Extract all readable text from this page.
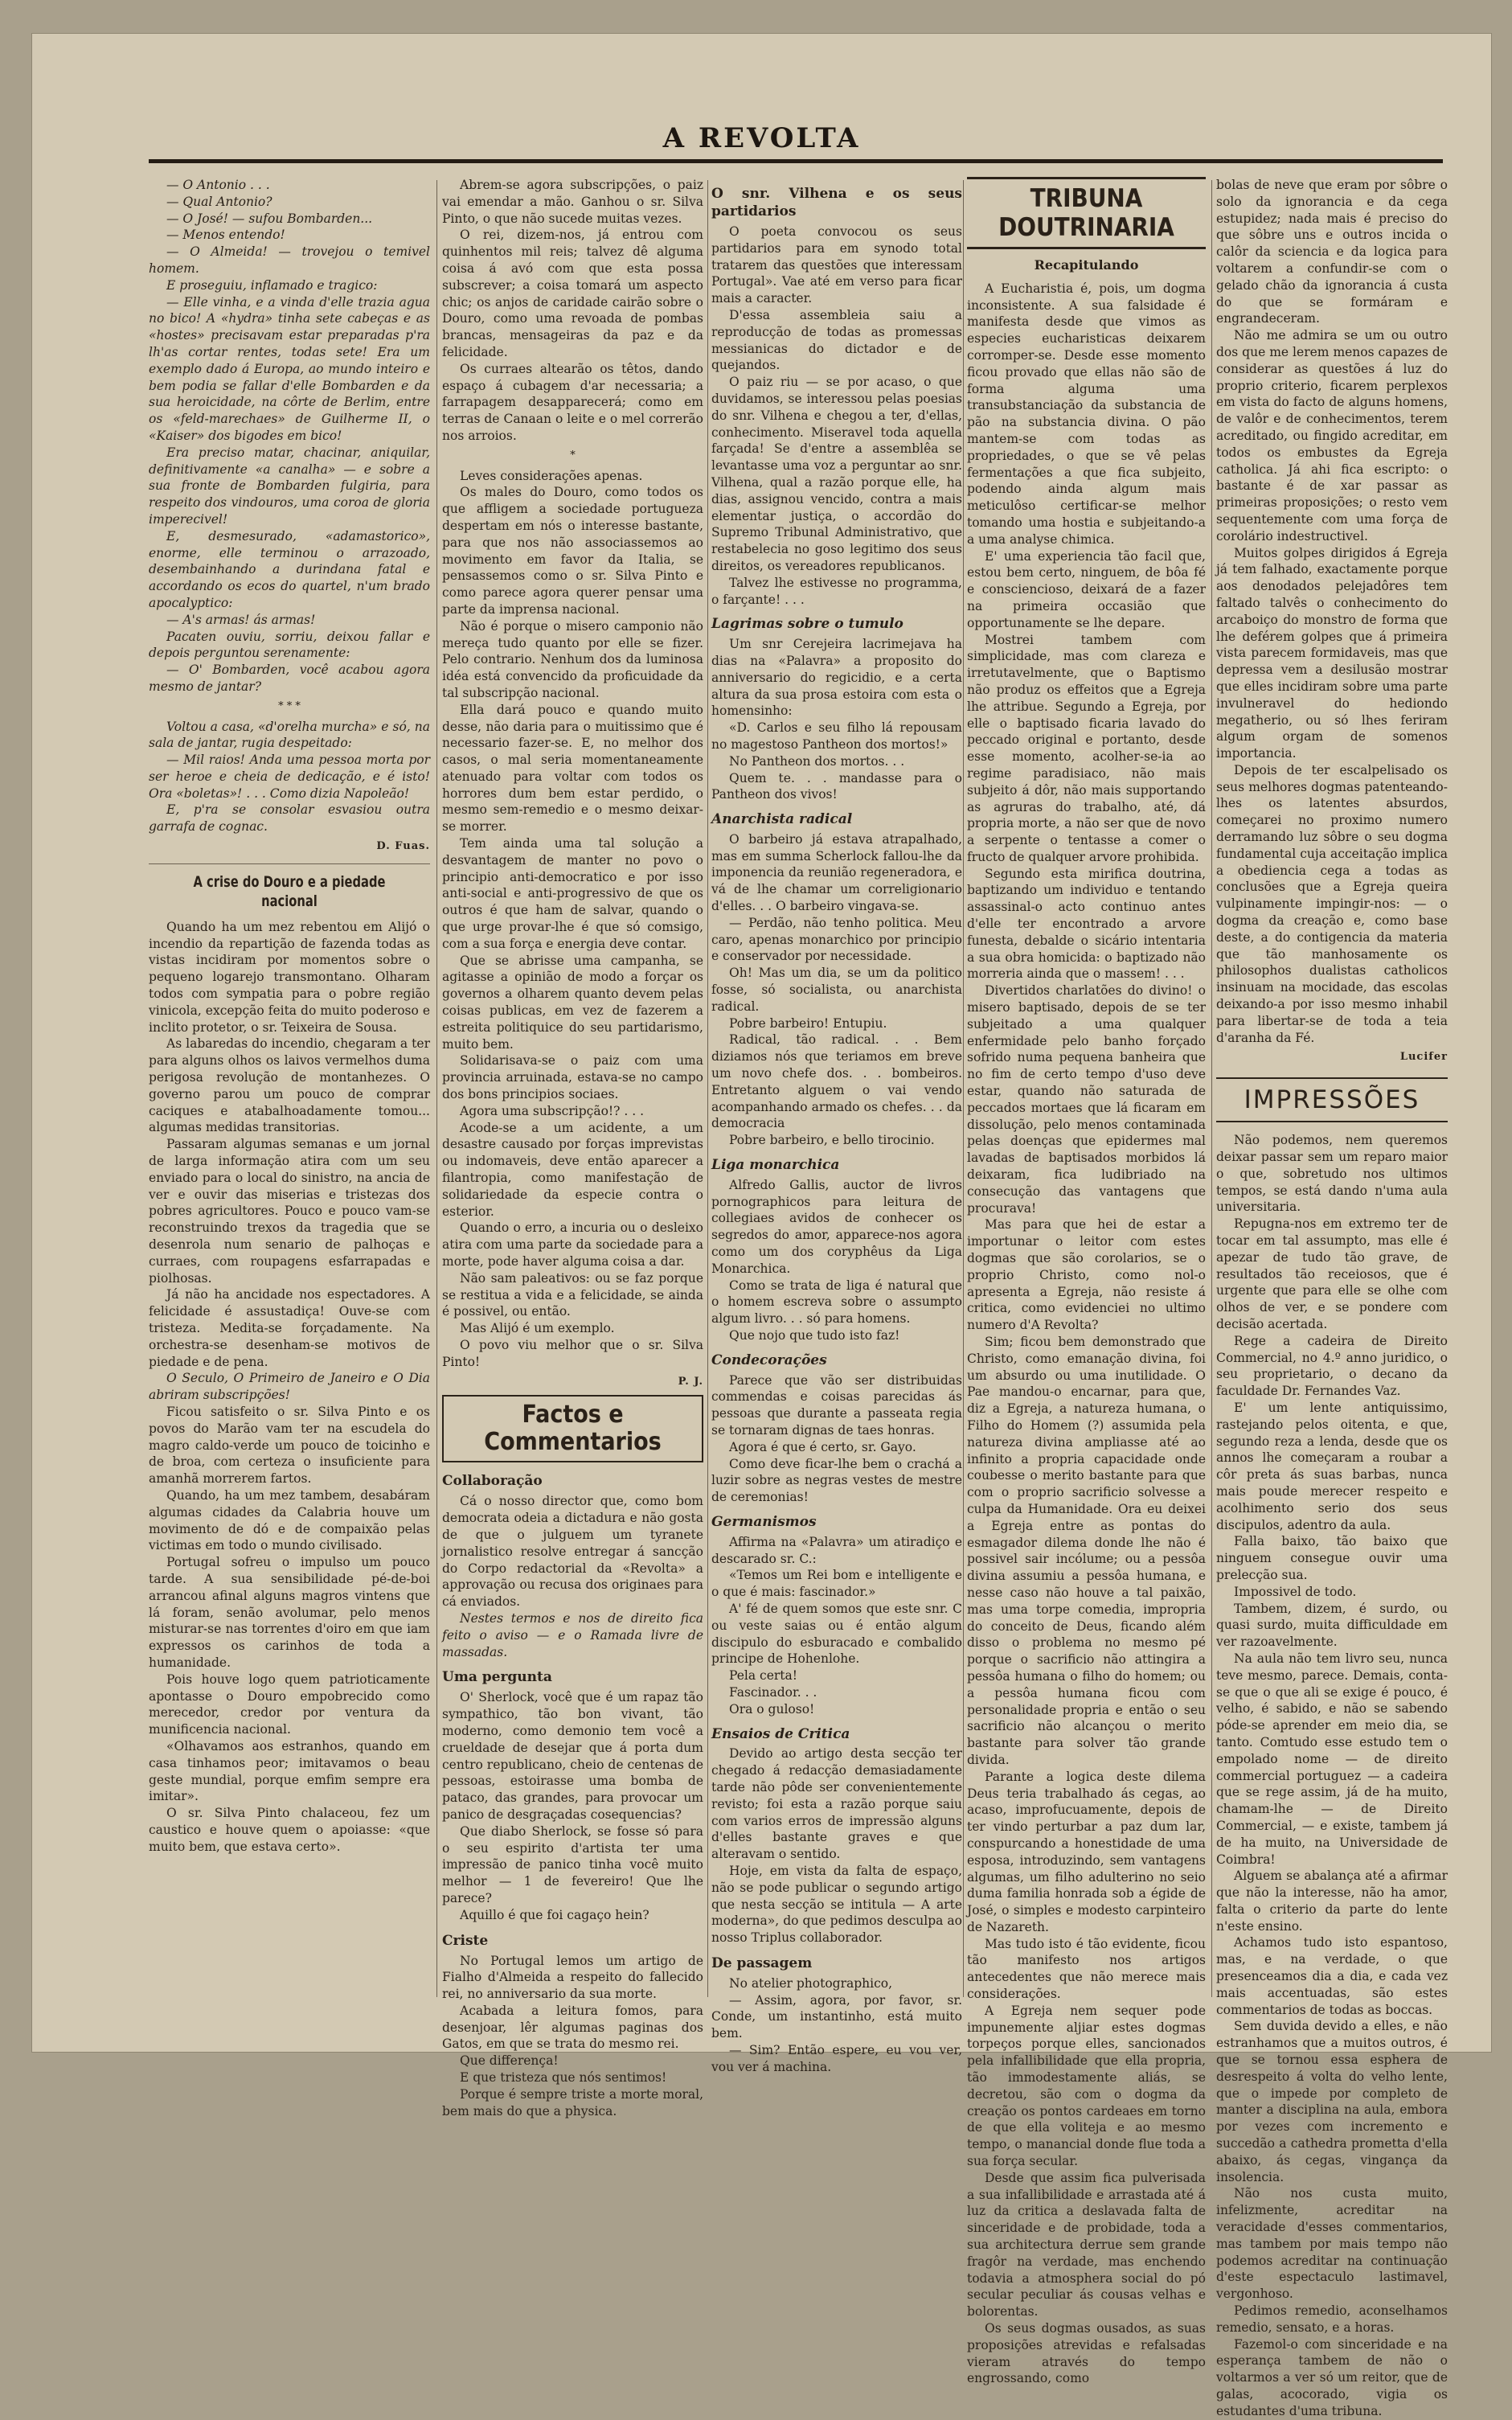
A REVOLTA

— O Antonio . . .

— Qual Antonio?

— O José! — sufou Bombarden...

— Menos entendo!

— O Almeida! — trovejou o temivel homem.

E proseguiu, inflamado e tragico:

— Elle vinha, e a vinda d'elle trazia agua no bico! A «hydra» tinha sete cabeças e as «hostes» precisavam estar preparadas p'ra lh'as cortar rentes, todas sete! Era um exemplo dado á Europa, ao mundo inteiro e bem podia se fallar d'elle Bombarden e da sua heroicidade, na côrte de Berlim, entre os «feld-marechaes» de Guilherme II, o «Kaiser» dos bigodes em bico!

Era preciso matar, chacinar, aniquilar, definitivamente «a canalha» — e sobre a sua fronte de Bombarden fulgiria, para respeito dos vindouros, uma coroa de gloria imperecivel!

E, desmesurado, «adamastorico», enorme, elle terminou o arrazoado, desembainhando a durindana fatal e accordando os ecos do quartel, n'um brado apocalyptico:

— A's armas! ás armas!

Pacaten ouviu, sorriu, deixou fallar e depois perguntou serenamente:

— O' Bombarden, você acabou agora mesmo de jantar?

* * *

Voltou a casa, «d'orelha murcha» e só, na sala de jantar, rugia despeitado:

— Mil raios! Anda uma pessoa morta por ser heroe e cheia de dedicação, e é isto! Ora «boletas»! . . . Como dizia Napoleão!

E, p'ra se consolar esvasiou outra garrafa de cognac.

D. Fuas.
A crise do Douro e a piedade nacional

Quando ha um mez rebentou em Alijó o incendio da repartição de fazenda todas as vistas incidiram por momentos sobre o pequeno logarejo transmontano. Olharam todos com sympatia para o pobre região vinicola, excepção feita do muito poderoso e inclito protetor, o sr. Teixeira de Sousa.

As labaredas do incendio, chegaram a ter para alguns olhos os laivos vermelhos duma perigosa revolução de montanhezes. O governo parou um pouco de comprar caciques e atabalhoadamente tomou... algumas medidas transitorias.

Passaram algumas semanas e um jornal de larga informação atira com um seu enviado para o local do sinistro, na ancia de ver e ouvir das miserias e tristezas dos pobres agricultores. Pouco e pouco vam-se reconstruindo trexos da tragedia que se desenrola num senario de palhoças e curraes, com roupagens esfarrapadas e piolhosas.

Já não ha ancidade nos espectadores. A felicidade é assustadiça! Ouve-se com tristeza. Medita-se forçadamente. Na orchestra-se desenham-se motivos de piedade e de pena.

O Seculo, O Primeiro de Janeiro e O Dia abriram subscripções!

Ficou satisfeito o sr. Silva Pinto e os povos do Marão vam ter na escudela do magro caldo-verde um pouco de toicinho e de broa, com certeza o insuficiente para amanhã morrerem fartos.

Quando, ha um mez tambem, desabáram algumas cidades da Calabria houve um movimento de dó e de compaixão pelas victimas em todo o mundo civilisado.

Portugal sofreu o impulso um pouco tarde. A sua sensibilidade pé-de-boi arrancou afinal alguns magros vintens que lá foram, senão avolumar, pelo menos misturar-se nas torrentes d'oiro em que iam expressos os carinhos de toda a humanidade.

Pois houve logo quem patrioticamente apontasse o Douro empobrecido como merecedor, credor por ventura da munificencia nacional.

«Olhavamos aos estranhos, quando em casa tinhamos peor; imitavamos o beau geste mundial, porque emfim sempre era imitar».

O sr. Silva Pinto chalaceou, fez um caustico e houve quem o apoiasse: «que muito bem, que estava certo».

Abrem-se agora subscripções, o paiz vai emendar a mão. Ganhou o sr. Silva Pinto, o que não sucede muitas vezes.

O rei, dizem-nos, já entrou com quinhentos mil reis; talvez dê alguma coisa á avó com que esta possa subscrever; a coisa tomará um aspecto chic; os anjos de caridade cairão sobre o Douro, como uma revoada de pombas brancas, mensageiras da paz e da felicidade.

Os curraes altearão os têtos, dando espaço á cubagem d'ar necessaria; a farrapagem desapparecerá; como em terras de Canaan o leite e o mel correrão nos arroios.

*

Leves considerações apenas.

Os males do Douro, como todos os que affligem a sociedade portugueza despertam em nós o interesse bastante, para que nos não associassemos ao movimento em favor da Italia, se pensassemos como o sr. Silva Pinto e como parece agora querer pensar uma parte da imprensa nacional.

Não é porque o misero camponio não mereça tudo quanto por elle se fizer. Pelo contrario. Nenhum dos da luminosa idéa está convencido da proficuidade da tal subscripção nacional.

Ella dará pouco e quando muito desse, não daria para o muitissimo que é necessario fazer-se. E, no melhor dos casos, o mal seria momentaneamente atenuado para voltar com todos os horrores dum bem estar perdido, o mesmo sem-remedio e o mesmo deixar-se morrer.

Tem ainda uma tal solução a desvantagem de manter no povo o principio anti-democratico e por isso anti-social e anti-progressivo de que os outros é que ham de salvar, quando o que urge provar-lhe é que só comsigo, com a sua força e energia deve contar.

Que se abrisse uma campanha, se agitasse a opinião de modo a forçar os governos a olharem quanto devem pelas coisas publicas, em vez de fazerem a estreita politiquice do seu partidarismo, muito bem.

Solidarisava-se o paiz com uma provincia arruinada, estava-se no campo dos bons principios sociaes.

Agora uma subscripção!? . . .

Acode-se a um acidente, a um desastre causado por forças imprevistas ou indomaveis, deve então aparecer a filantropia, como manifestação de solidariedade da especie contra o esterior.

Quando o erro, a incuria ou o desleixo atira com uma parte da sociedade para a morte, pode haver alguma coisa a dar.

Não sam paleativos: ou se faz porque se restitua a vida e a felicidade, se ainda é possivel, ou então.

Mas Alijó é um exemplo.

O povo viu melhor que o sr. Silva Pinto!

P. J.
Factos e Commentarios
Collaboração

Cá o nosso director que, como bom democrata odeia a dictadura e não gosta de que o julguem um tyranete jornalistico resolve entregar á sancção do Corpo redactorial da «Revolta» a approvação ou recusa dos originaes para cá enviados.

Nestes termos e nos de direito fica feito o aviso — e o Ramada livre de massadas.

Uma pergunta

O' Sherlock, você que é um rapaz tão sympathico, tão bon vivant, tão moderno, como demonio tem você a crueldade de desejar que á porta dum centro republicano, cheio de centenas de pessoas, estoirasse uma bomba de pataco, das grandes, para provocar um panico de desgraçadas cosequencias?

Que diabo Sherlock, se fosse só para o seu espirito d'artista ter uma impressão de panico tinha você muito melhor — 1 de fevereiro! Que lhe parece?

Aquillo é que foi cagaço hein?

Criste

No Portugal lemos um artigo de Fialho d'Almeida a respeito do fallecido rei, no anniversario da sua morte.

Acabada a leitura fomos, para desenjoar, lêr algumas paginas dos Gatos, em que se trata do mesmo rei.

Que differença!

E que tristeza que nós sentimos!

Porque é sempre triste a morte moral, bem mais do que a physica.

O snr. Vilhena e os seus partidarios

O poeta convocou os seus partidarios para em synodo total tratarem das questões que interessam Portugal». Vae até em verso para ficar mais a caracter.

D'essa assembleia saiu a reproducção de todas as promessas messianicas do dictador e de quejandos.

O paiz riu — se por acaso, o que duvidamos, se interessou pelas poesias do snr. Vilhena e chegou a ter, d'ellas, conhecimento. Miseravel toda aquella farçada! Se d'entre a assemblêa se levantasse uma voz a perguntar ao snr. Vilhena, qual a razão porque elle, ha dias, assignou vencido, contra a mais elementar justiça, o accordão do Supremo Tribunal Administrativo, que restabelecia no goso legitimo dos seus direitos, os vereadores republicanos.

Talvez lhe estivesse no programma, o farçante! . . .

Lagrimas sobre o tumulo

Um snr Cerejeira lacrimejava ha dias na «Palavra» a proposito do anniversario do regicidio, e a certa altura da sua prosa estoira com esta o homensinho:

«D. Carlos e seu filho lá repousam no magestoso Pantheon dos mortos!»

No Pantheon dos mortos. . .

Quem te. . . mandasse para o Pantheon dos vivos!

Anarchista radical

O barbeiro já estava atrapalhado, mas em summa Scherlock fallou-lhe da imponencia da reunião regeneradora, e vá de lhe chamar um correligionario d'elles. . . O barbeiro vingava-se.

— Perdão, não tenho politica. Meu caro, apenas monarchico por principio e conservador por necessidade.

Oh! Mas um dia, se um da politico fosse, só socialista, ou anarchista radical.

Pobre barbeiro! Entupiu.

Radical, tão radical. . . Bem diziamos nós que teriamos em breve um novo chefe dos. . . bombeiros. Entretanto alguem o vai vendo acompanhando armado os chefes. . . da democracia

Pobre barbeiro, e bello tirocinio.

Liga monarchica

Alfredo Gallis, auctor de livros pornographicos para leitura de collegiaes avidos de conhecer os segredos do amor, apparece-nos agora como um dos coryphêus da Liga Monarchica.

Como se trata de liga é natural que o homem escreva sobre o assumpto algum livro. . . só para homens.

Que nojo que tudo isto faz!

Condecorações

Parece que vão ser distribuidas commendas e coisas parecidas ás pessoas que durante a passeata regia se tornaram dignas de taes honras.

Agora é que é certo, sr. Gayo.

Como deve ficar-lhe bem o crachá a luzir sobre as negras vestes de mestre de ceremonias!

Germanismos

Affirma na «Palavra» um atiradiço e descarado sr. C.:

«Temos um Rei bom e intelligente e o que é mais: fascinador.»

A' fé de quem somos que este snr. C ou veste saias ou é então algum discipulo do esburacado e combalido principe de Hohenlohe.

Pela certa!

Fascinador. . .

Ora o guloso!

Ensaios de Critica

Devido ao artigo desta secção ter chegado á redacção demasiadamente tarde não pôde ser convenientemente revisto; foi esta a razão porque saiu com varios erros de impressão alguns d'elles bastante graves e que alteravam o sentido.

Hoje, em vista da falta de espaço, não se pode publicar o segundo artigo que nesta secção se intitula — A arte moderna», do que pedimos desculpa ao nosso Triplus collaborador.

De passagem

No atelier photographico,

— Assim, agora, por favor, sr. Conde, um instantinho, está muito bem.

— Sim? Então espere, eu vou ver, vou ver á machina.

TRIBUNA DOUTRINARIA
Recapitulando

A Eucharistia é, pois, um dogma inconsistente. A sua falsidade é manifesta desde que vimos as especies eucharisticas deixarem corromper-se. Desde esse momento ficou provado que ellas não são de forma alguma uma transubstanciação da substancia de pão na substancia divina. O pão mantem-se com todas as propriedades, o que se vê pelas fermentações a que fica subjeito, podendo ainda algum mais meticulôso certificar-se melhor tomando uma hostia e subjeitando-a a uma analyse chimica.

E' uma experiencia tão facil que, estou bem certo, ninguem, de bôa fé e consciencioso, deixará de a fazer na primeira occasião que opportunamente se lhe depare.

Mostrei tambem com simplicidade, mas com clareza e irretutavelmente, que o Baptismo não produz os effeitos que a Egreja lhe attribue. Segundo a Egreja, por elle o baptisado ficaria lavado do peccado original e portanto, desde esse momento, acolher-se-ia ao regime paradisiaco, não mais subjeito á dôr, não mais supportando as agruras do trabalho, até, dá propria morte, a não ser que de novo a serpente o tentasse a comer o fructo de qualquer arvore prohibida.

Segundo esta mirifica doutrina, baptizando um individuo e tentando assassinal-o acto continuo antes d'elle ter encontrado a arvore funesta, debalde o sicário intentaria a sua obra homicida: o baptizado não morreria ainda que o massem! . . .

Divertidos charlatões do divino! o misero baptisado, depois de se ter subjeitado a uma qualquer enfermidade pelo banho forçado sofrido numa pequena banheira que no fim de certo tempo d'uso deve estar, quando não saturada de peccados mortaes que lá ficaram em dissolução, pelo menos contaminada pelas doenças que epidermes mal lavadas de baptisados morbidos lá deixaram, fica ludibriado na consecução das vantagens que procurava!

Mas para que hei de estar a importunar o leitor com estes dogmas que são corolarios, se o proprio Christo, como nol-o apresenta a Egreja, não resiste á critica, como evidenciei no ultimo numero d'A Revolta?

Sim; ficou bem demonstrado que Christo, como emanação divina, foi um absurdo ou uma inutilidade. O Pae mandou-o encarnar, para que, diz a Egreja, a natureza humana, o Filho do Homem (?) assumida pela natureza divina ampliasse até ao infinito a propria capacidade onde coubesse o merito bastante para que com o proprio sacrificio solvesse a culpa da Humanidade. Ora eu deixei a Egreja entre as pontas do esmagador dilema donde lhe não é possivel sair incólume; ou a pessôa divina assumiu a pessôa humana, e nesse caso não houve a tal paixão, mas uma torpe comedia, impropria do conceito de Deus, ficando além disso o problema no mesmo pé porque o sacrificio não attingira a pessôa humana o filho do homem; ou a pessôa humana ficou com personalidade propria e então o seu sacrificio não alcançou o merito bastante para solver tão grande divida.

Parante a logica deste dilema Deus teria trabalhado ás cegas, ao acaso, improfucuamente, depois de ter vindo perturbar a paz dum lar, conspurcando a honestidade de uma esposa, introduzindo, sem vantagens algumas, um filho adulterino no seio duma familia honrada sob a égide de José, o simples e modesto carpinteiro de Nazareth.

Mas tudo isto é tão evidente, ficou tão manifesto nos artigos antecedentes que não merece mais considerações.

A Egreja nem sequer pode impunemente aljiar estes dogmas torpeços porque elles, sancionados pela infallibilidade que ella propria, tão immodestamente aliás, se decretou, são com o dogma da creação os pontos cardeaes em torno de que ella voliteja e ao mesmo tempo, o manancial donde flue toda a sua força secular.

Desde que assim fica pulverisada a sua infallibilidade e arrastada até á luz da critica a deslavada falta de sinceridade e de probidade, toda a sua architectura derrue sem grande fragôr na verdade, mas enchendo todavia a atmosphera social do pó secular peculiar ás cousas velhas e bolorentas.

Os seus dogmas ousados, as suas proposições atrevidas e refalsadas vieram através do tempo engrossando, como

bolas de neve que eram por sôbre o solo da ignorancia e da cega estupidez; nada mais é preciso do que sôbre uns e outros incida o calôr da sciencia e da logica para voltarem a confundir-se com o gelado chão da ignorancia á custa do que se formáram e engrandeceram.

Não me admira se um ou outro dos que me lerem menos capazes de considerar as questões á luz do proprio criterio, ficarem perplexos em vista do facto de alguns homens, de valôr e de conhecimentos, terem acreditado, ou fingido acreditar, em todos os embustes da Egreja catholica. Já ahi fica escripto: o bastante é de xar passar as primeiras proposições; o resto vem sequentemente com uma força de corolário indestructivel.

Muitos golpes dirigidos á Egreja já tem falhado, exactamente porque aos denodados pelejadôres tem faltado talvês o conhecimento do arcaboiço do monstro de forma que lhe deférem golpes que á primeira vista parecem formidaveis, mas que depressa vem a desilusão mostrar que elles incidiram sobre uma parte invulneravel do hediondo megatherio, ou só lhes feriram algum orgam de somenos importancia.

Depois de ter escalpelisado os seus melhores dogmas patenteando-lhes os latentes absurdos, começarei no proximo numero derramando luz sôbre o seu dogma fundamental cuja acceitação implica a obediencia cega a todas as conclusões que a Egreja queira vulpinamente impingir-nos: — o dogma da creação e, como base deste, a do contigencia da materia que tão manhosamente os philosophos dualistas catholicos insinuam na mocidade, das escolas deixando-a por isso mesmo inhabil para libertar-se de toda a teia d'aranha da Fé.

Lucifer
IMPRESSÕES

Não podemos, nem queremos deixar passar sem um reparo maior o que, sobretudo nos ultimos tempos, se está dando n'uma aula universitaria.

Repugna-nos em extremo ter de tocar em tal assumpto, mas elle é apezar de tudo tão grave, de resultados tão receiosos, que é urgente que para elle se olhe com olhos de ver, e se pondere com decisão acertada.

Rege a cadeira de Direito Commercial, no 4.º anno juridico, o seu proprietario, o decano da faculdade Dr. Fernandes Vaz.

E' um lente antiquissimo, rastejando pelos oitenta, e que, segundo reza a lenda, desde que os annos lhe começaram a roubar a côr preta ás suas barbas, nunca mais poude merecer respeito e acolhimento serio dos seus discipulos, adentro da aula.

Falla baixo, tão baixo que ninguem consegue ouvir uma prelecção sua.

Impossivel de todo.

Tambem, dizem, é surdo, ou quasi surdo, muita difficuldade em ver razoavelmente.

Na aula não tem livro seu, nunca teve mesmo, parece. Demais, conta-se que o que ali se exige é pouco, é velho, é sabido, e não se sabendo póde-se aprender em meio dia, se tanto. Comtudo esse estudo tem o empolado nome — de direito commercial portuguez — a cadeira que se rege assim, já de ha muito, chamam-lhe — de Direito Commercial, — e existe, tambem já de ha muito, na Universidade de Coimbra!

Alguem se abalança até a afirmar que não la interesse, não ha amor, falta o criterio da parte do lente n'este ensino.

Achamos tudo isto espantoso, mas, e na verdade, o que presenceamos dia a dia, e cada vez mais accentuadas, são estes commentarios de todas as boccas.

Sem duvida devido a elles, e não estranhamos que a muitos outros, é que se tornou essa esphera de desrespeito á volta do velho lente, que o impede por completo de manter a disciplina na aula, embora por vezes com incremento e succedão a cathedra prometta d'ella abaixo, ás cegas, vingança da insolencia.

Não nos custa muito, infelizmente, acreditar na veracidade d'esses commentarios, mas tambem por mais tempo não podemos acreditar na continuação d'este espectaculo lastimavel, vergonhoso.

Pedimos remedio, aconselhamos remedio, sensato, e a horas.

Fazemol-o com sinceridade e na esperança tambem de não o voltarmos a ver só um reitor, que de galas, acocorado, vigia os estudantes d'uma tribuna.
